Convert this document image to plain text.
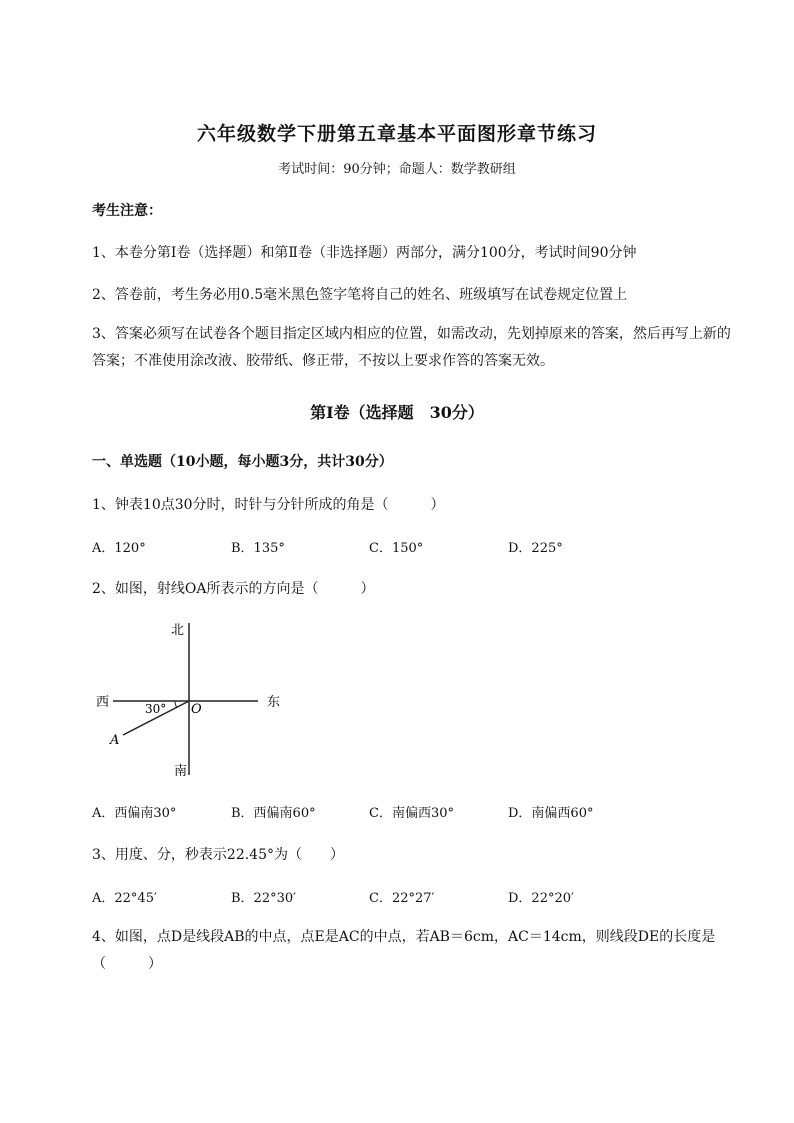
六年级数学下册第五章基本平面图形章节练习
考试时间：90分钟；命题人：数学教研组
考生注意：
1、本卷分第Ⅰ卷（选择题）和第Ⅱ卷（非选择题）两部分，满分100分，考试时间90分钟
2、答卷前，考生务必用0.5毫米黑色签字笔将自己的姓名、班级填写在试卷规定位置上
3、答案必须写在试卷各个题目指定区域内相应的位置，如需改动，先划掉原来的答案，然后再写上新的答案；不准使用涂改液、胶带纸、修正带，不按以上要求作答的答案无效。
第Ⅰ卷（选择题　30分）
一、单选题（10小题，每小题3分，共计30分）
1、钟表10点30分时，时针与分针所成的角是（　　　）
A．120°	B．135°	C．150°	D．225°
2、如图，射线OA所表示的方向是（　　　）
北
南
西	东
O
A
30°
A．西偏南30°	B．西偏南60°	C．南偏西30°	D．南偏西60°
3、用度、分，秒表示22.45°为（　　）
A．22°45′	B．22°30′	C．22°27′	D．22°20′
4、如图，点D是线段AB的中点，点E是AC的中点，若AB＝6cm，AC＝14cm，则线段DE的长度是（　　　）
